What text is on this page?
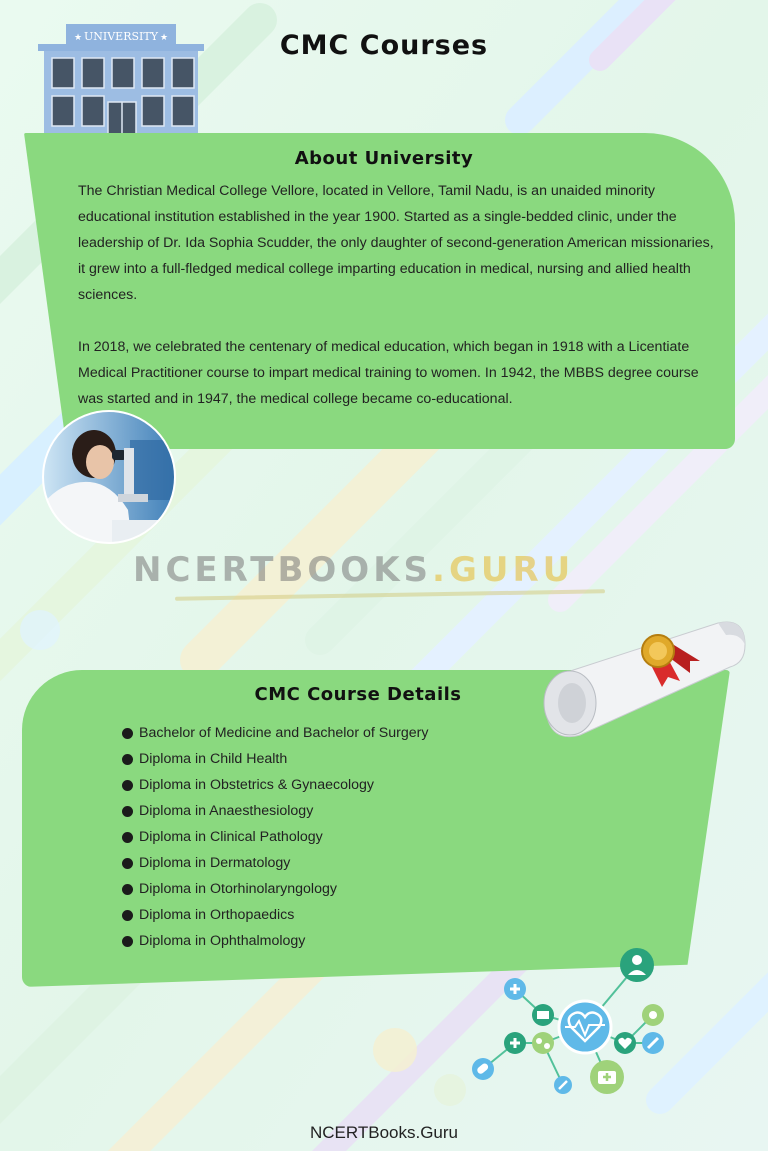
UNIVERSITY
★	★	CMC Courses
About University

The Christian Medical College Vellore, located in Vellore, Tamil Nadu, is an unaided minority educational institution established in the year 1900. Started as a single-bedded clinic, under the leadership of Dr. Ida Sophia Scudder, the only daughter of second-generation American missionaries, it grew into a full-fledged medical college imparting education in medical, nursing and allied health sciences.

In 2018, we celebrated the centenary of medical education, which began in 1918 with a Licentiate Medical Practitioner course to impart medical training to women. In 1942, the MBBS degree course was started and in 1947, the medical college became co-educational.

NCERTBOOKS.GURU
CMC Course Details
Bachelor of Medicine and Bachelor of Surgery
Diploma in Child Health
Diploma in Obstetrics & Gynaecology
Diploma in Anaesthesiology
Diploma in Clinical Pathology
Diploma in Dermatology
Diploma in Otorhinolaryngology
Diploma in Orthopaedics
Diploma in Ophthalmology
NCERTBooks.Guru
